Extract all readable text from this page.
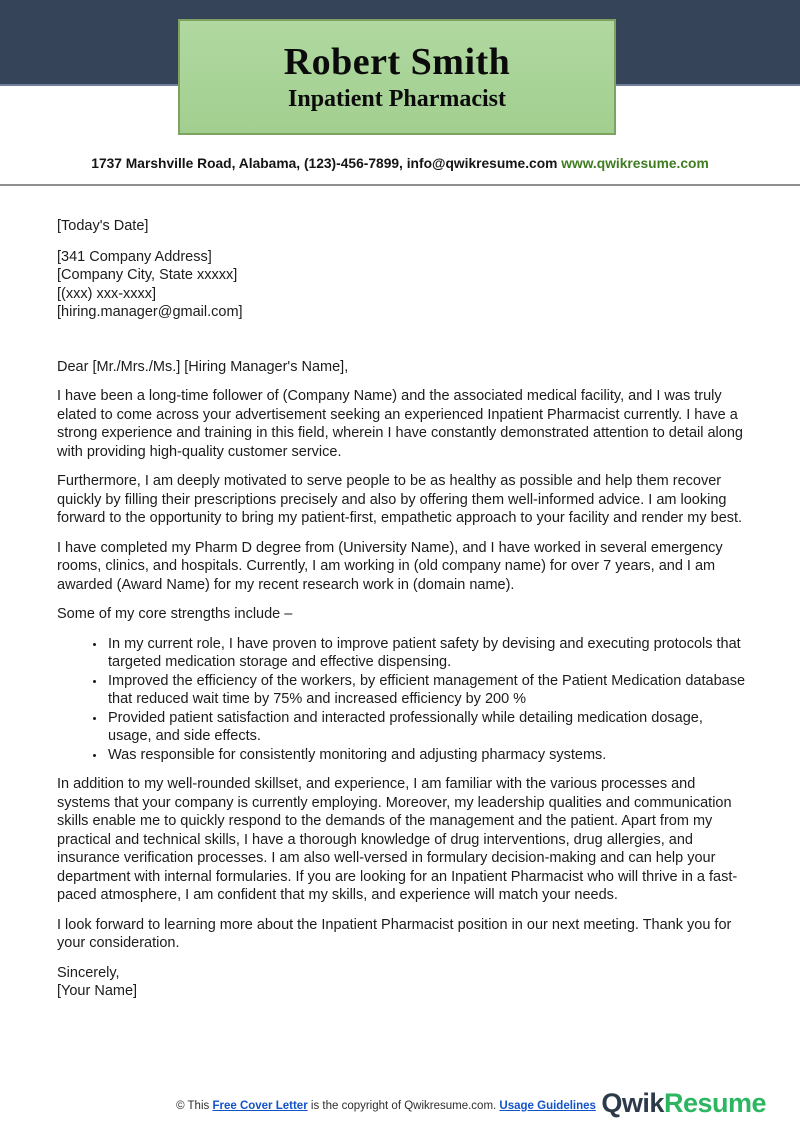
Robert Smith
Inpatient Pharmacist
1737 Marshville Road, Alabama, (123)-456-7899, info@qwikresume.com www.qwikresume.com

[Today's Date]

[341 Company Address]
[Company City, State xxxxx]
[(xxx) xxx-xxxx]
[hiring.manager@gmail.com]

Dear [Mr./Mrs./Ms.] [Hiring Manager's Name],

I have been a long-time follower of (Company Name) and the associated medical facility, and I was truly elated to come across your advertisement seeking an experienced Inpatient Pharmacist currently. I have a strong experience and training in this field, wherein I have constantly demonstrated attention to detail along with providing high-quality customer service.

Furthermore, I am deeply motivated to serve people to be as healthy as possible and help them recover quickly by filling their prescriptions precisely and also by offering them well-informed advice. I am looking forward to the opportunity to bring my patient-first, empathetic approach to your facility and render my best.

I have completed my Pharm D degree from (University Name), and I have worked in several emergency rooms, clinics, and hospitals. Currently, I am working in (old company name) for over 7 years, and I am awarded (Award Name) for my recent research work in (domain name).

Some of my core strengths include –

• In my current role, I have proven to improve patient safety by devising and executing protocols that targeted medication storage and effective dispensing.
• Improved the efficiency of the workers, by efficient management of the Patient Medication database that reduced wait time by 75% and increased efficiency by 200 %
• Provided patient satisfaction and interacted professionally while detailing medication dosage, usage, and side effects.
• Was responsible for consistently monitoring and adjusting pharmacy systems.

In addition to my well-rounded skillset, and experience, I am familiar with the various processes and systems that your company is currently employing. Moreover, my leadership qualities and communication skills enable me to quickly respond to the demands of the management and the patient. Apart from my practical and technical skills, I have a thorough knowledge of drug interventions, drug allergies, and insurance verification processes. I am also well-versed in formulary decision-making and can help your department with internal formularies. If you are looking for an Inpatient Pharmacist who will thrive in a fast-paced atmosphere, I am confident that my skills, and experience will match your needs.

I look forward to learning more about the Inpatient Pharmacist position in our next meeting. Thank you for your consideration.

Sincerely,
[Your Name]

© This Free Cover Letter is the copyright of Qwikresume.com. Usage Guidelines QwikResume
